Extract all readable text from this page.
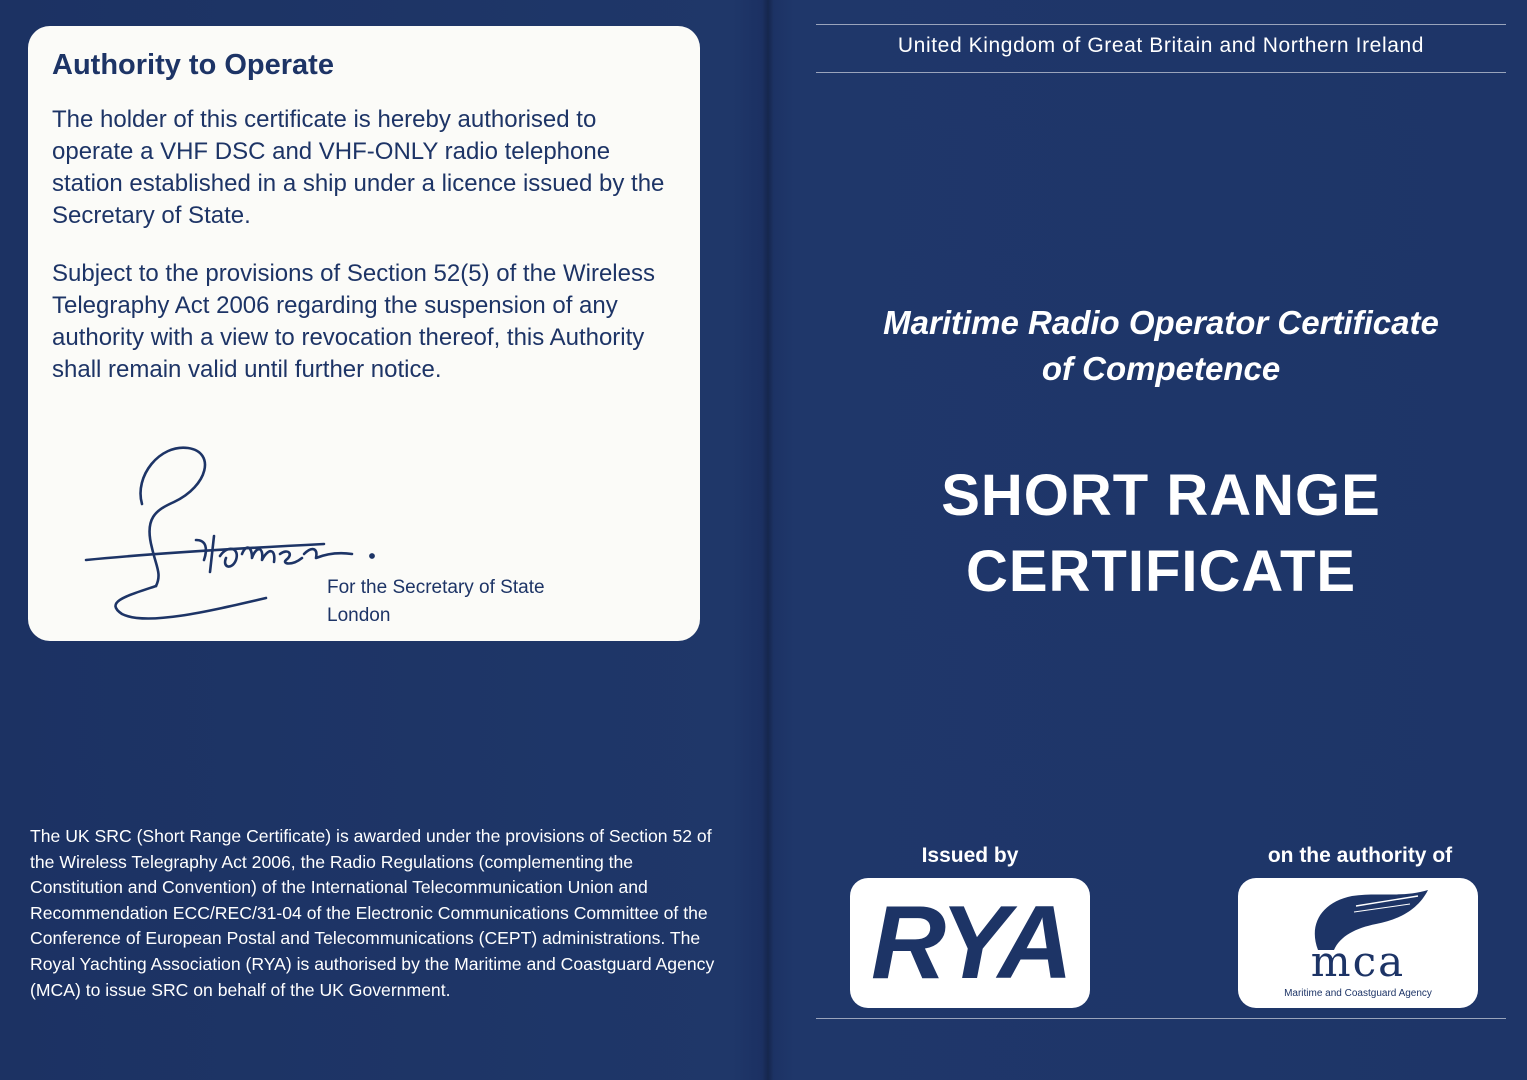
Authority to Operate
The holder of this certificate is hereby authorised to operate a VHF DSC and VHF-ONLY radio telephone station established in a ship under a licence issued by the Secretary of State.
Subject to the provisions of Section 52(5) of the Wireless Telegraphy Act 2006 regarding the suspension of any authority with a view to revocation thereof, this Authority shall remain valid until further notice.
For the Secretary of State
London
The UK SRC (Short Range Certificate) is awarded under the provisions of Section 52 of the Wireless Telegraphy Act 2006, the Radio Regulations (complementing the Constitution and Convention) of the International Telecommunication Union and Recommendation ECC/REC/31-04 of the Electronic Communications Committee of the Conference of European Postal and Telecommunications (CEPT) administrations. The Royal Yachting Association (RYA) is authorised by the Maritime and Coastguard Agency (MCA) to issue SRC on behalf of the UK Government.
United Kingdom of Great Britain and Northern Ireland
Maritime Radio Operator Certificate
of Competence
SHORT RANGE
CERTIFICATE
Issued by	on the authority of
RYA	mca
Maritime and Coastguard Agency
